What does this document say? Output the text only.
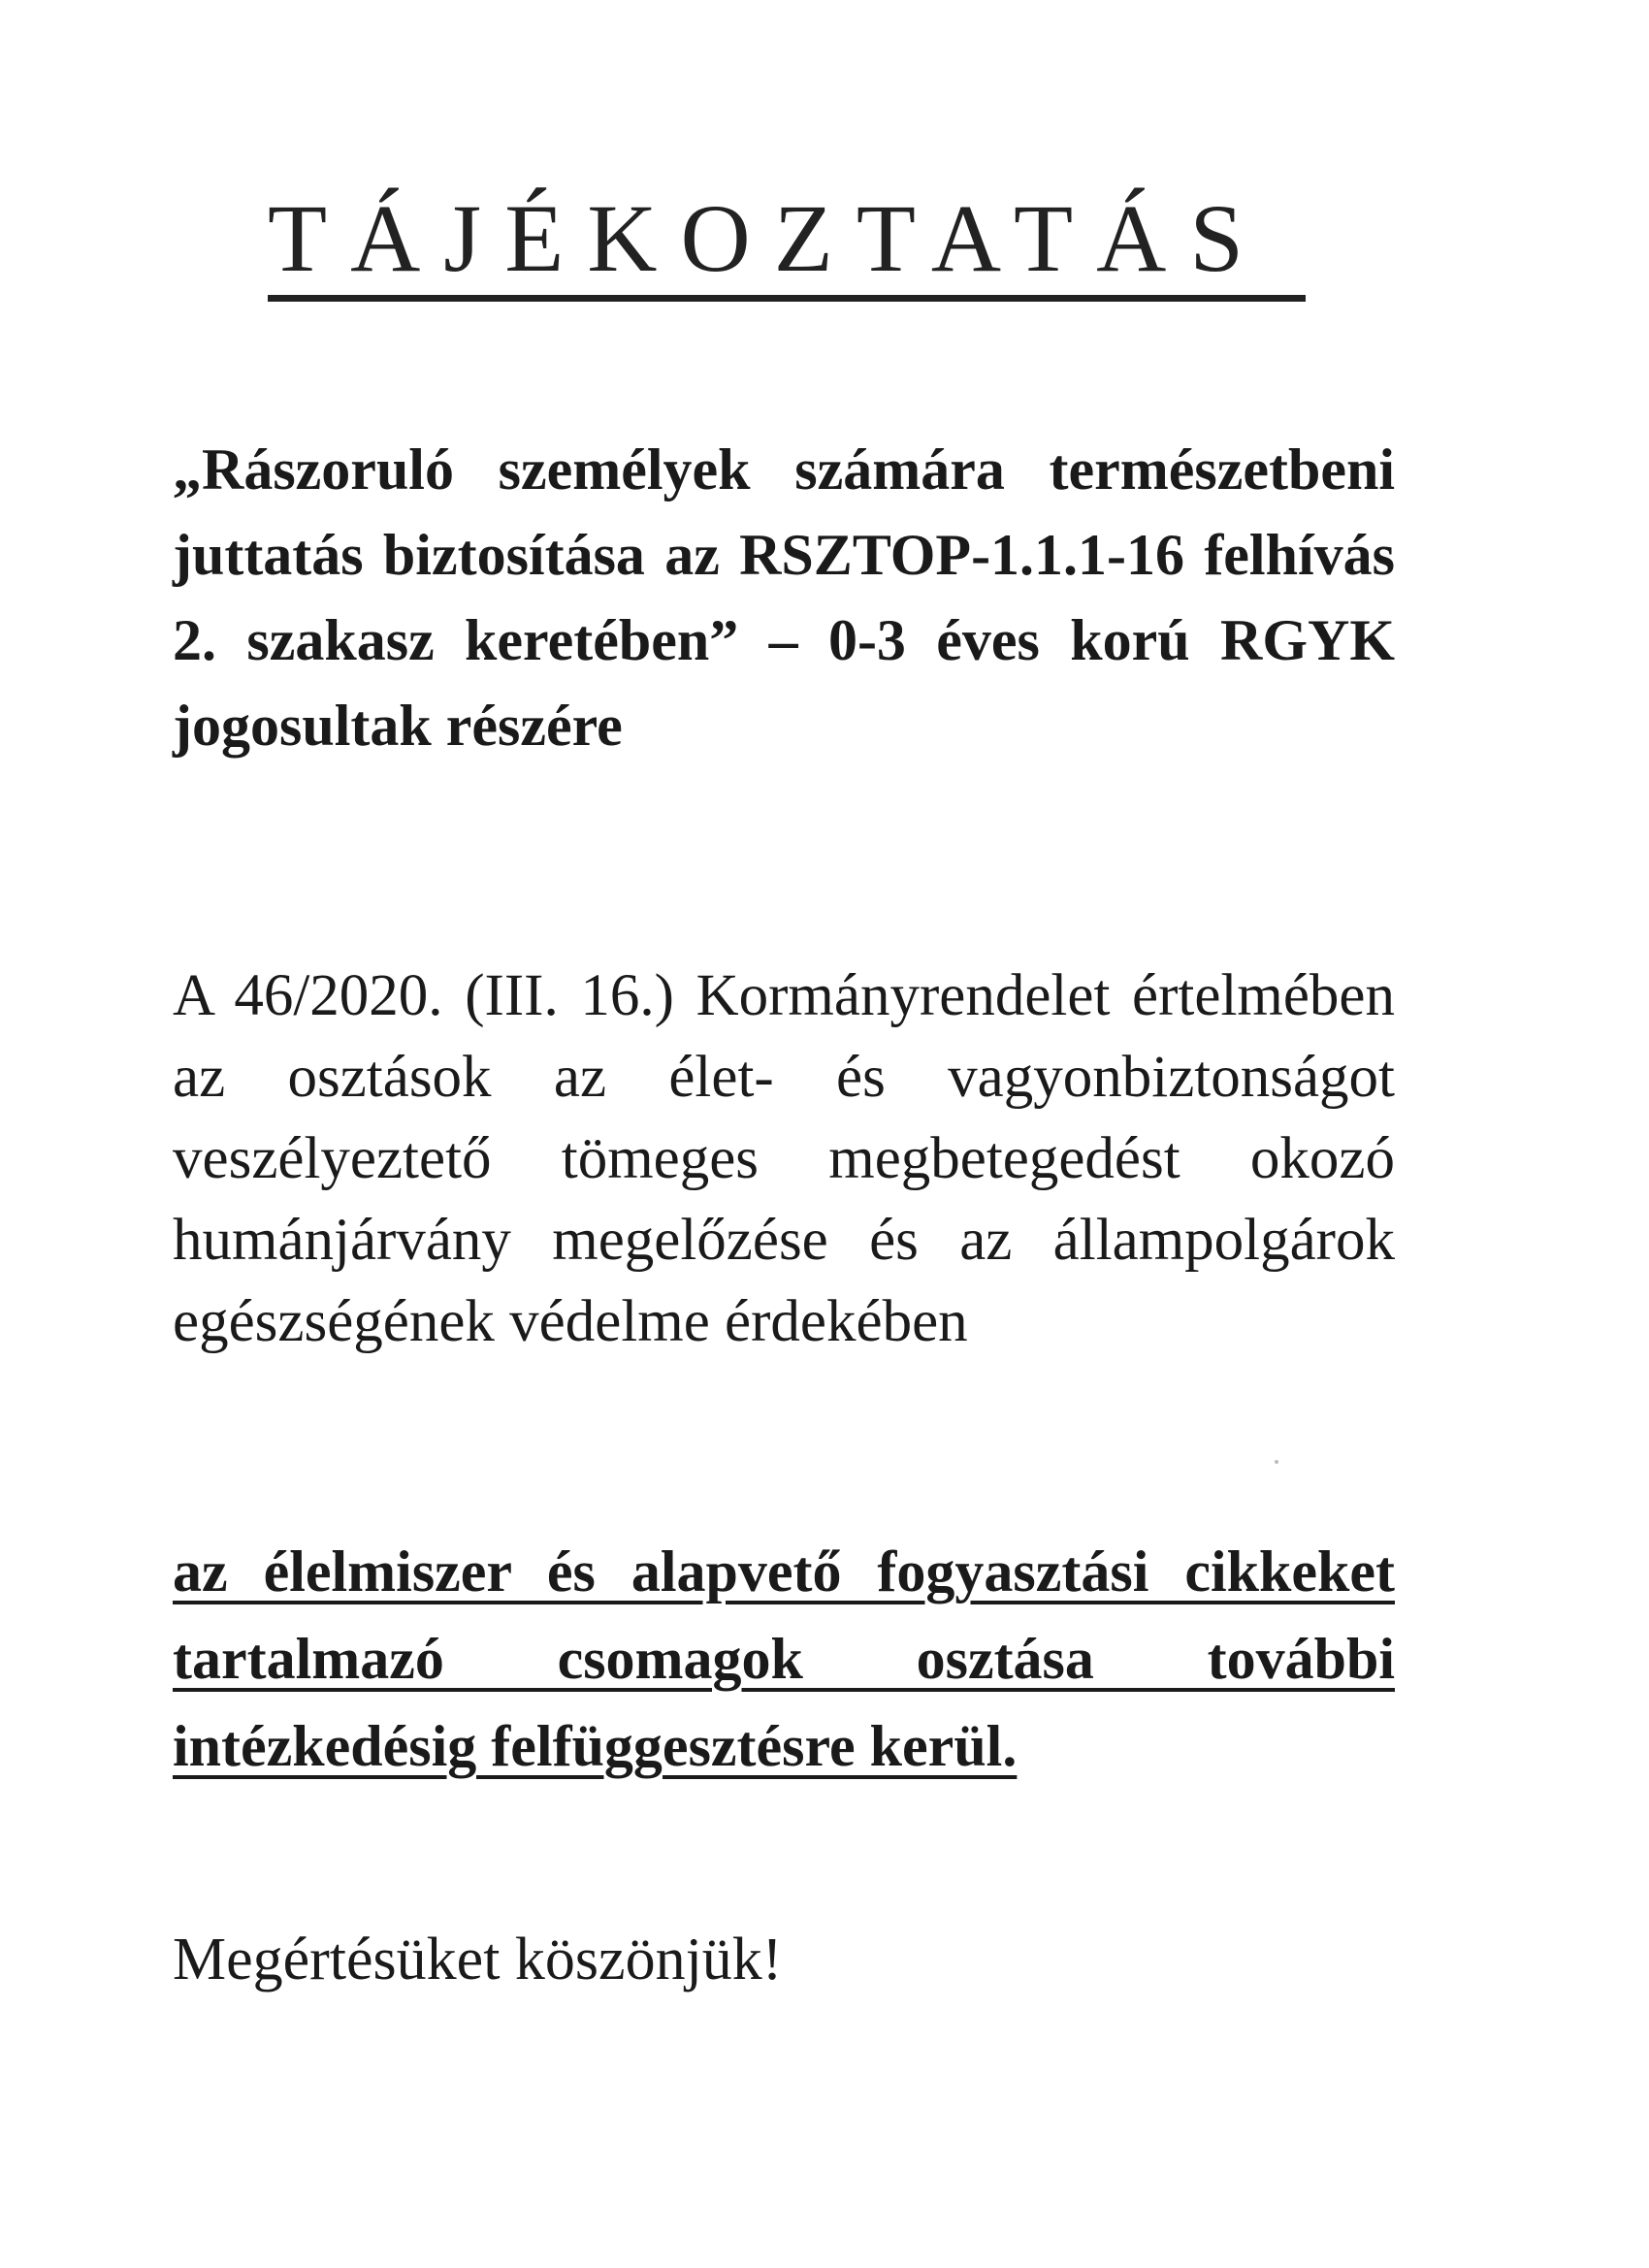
TÁJÉKOZTATÁS
„Rászoruló személyek számára természetbeni juttatás biztosítása az RSZTOP-1.1.1-16 felhívás 2. szakasz keretében” – 0-3 éves korú RGYK jogosultak részére
A 46/2020. (III. 16.) Kormányrendelet értelmében az osztások az élet- és vagyonbiztonságot veszélyeztető tömeges megbetegedést okozó humánjárvány megelőzése és az állampolgárok egészségének védelme érdekében
az élelmiszer és alapvető fogyasztási cikkeket tartalmazó csomagok osztása további intézkedésig felfüggesztésre kerül.
Megértésüket köszönjük!
